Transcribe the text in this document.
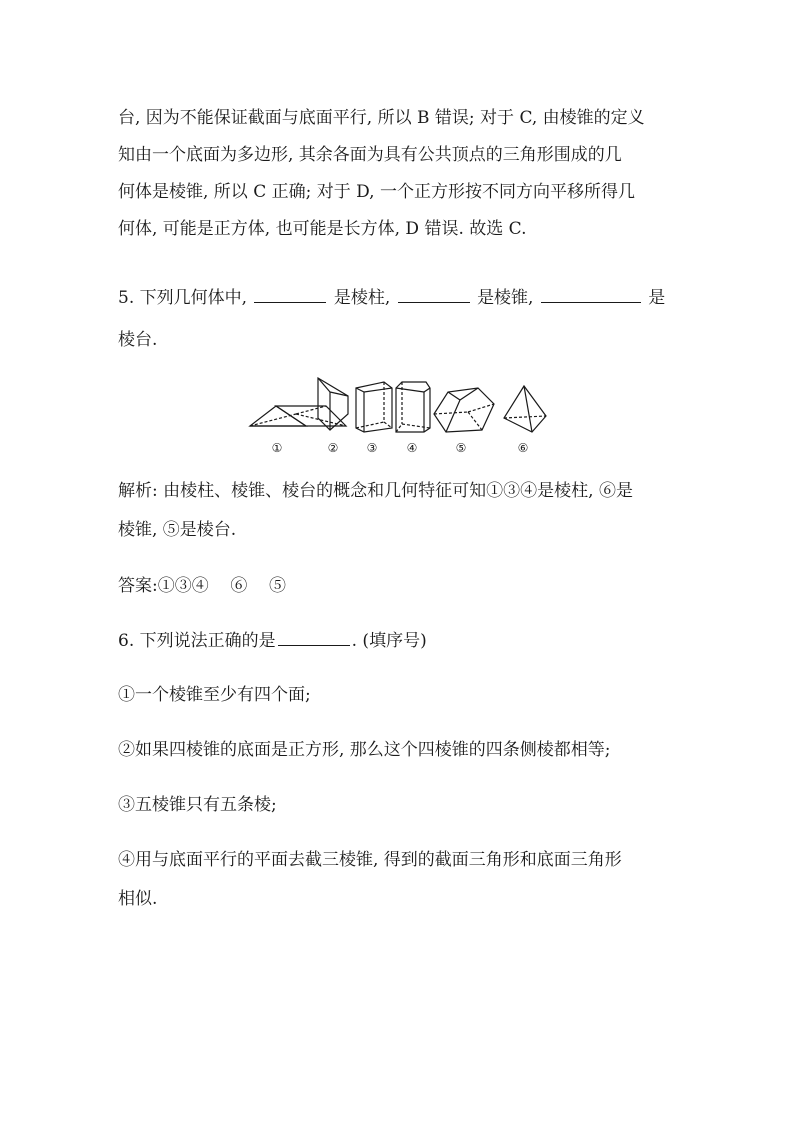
台, 因为不能保证截面与底面平行, 所以 B 错误; 对于 C, 由棱锥的定义

知由一个底面为多边形, 其余各面为具有公共顶点的三角形围成的几

何体是棱锥, 所以 C 正确; 对于 D, 一个正方形按不同方向平移所得几

何体, 可能是正方体, 也可能是长方体, D 错误. 故选 C.

5. 下列几何体中,	是棱柱,	是棱锥,	是

棱台.

①	② ③ ④	⑤	⑥

解析: 由棱柱、棱锥、棱台的概念和几何特征可知①③④是棱柱, ⑥是

棱锥, ⑤是棱台.

答案:①③④ ⑥ ⑤

6. 下列说法正确的是	. (填序号)

①一个棱锥至少有四个面;

②如果四棱锥的底面是正方形, 那么这个四棱锥的四条侧棱都相等;

③五棱锥只有五条棱;

④用与底面平行的平面去截三棱锥, 得到的截面三角形和底面三角形

相似.
